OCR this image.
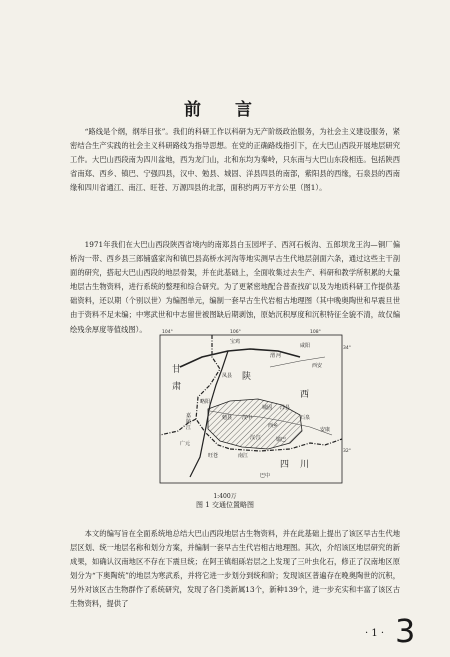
前 言

“路线是个纲，纲举目张”。我们的科研工作以科研为无产阶级政治服务，为社会主义建设服务，紧密结合生产实践的社会主义科研路线为指导思想。在党的正确路线指引下，在大巴山西段开展地层研究工作。大巴山西段南为四川盆地，西为龙门山，北和东均为秦岭，只东南与大巴山东段相连。包括陕西省南郑、西乡、镇巴、宁强四县，汉中、勉县、城固、洋县四县的南部，紫阳县的西缘，石泉县的西南缘和四川省通江、南江、旺苍、万源四县的北部，面积约两万平方公里（图1）。

1971年我们在大巴山西段陕西省境内的南郑县白玉园坪子、西河石板沟、五郎坝龙王沟—铜厂偏桥沟一带、西乡县三郎铺盛家沟和镇巴县高桥水河沟等地实测早古生代地层剖面六条，通过这些主干剖面的研究，搭起大巴山西段的地层骨架，并在此基础上，全面收集过去生产、科研和教学所积累的大量地层古生物资料，进行系统的整理和综合研究。为了更紧密地配合普查找矿以及为地质科研工作提供基础资料，还以期（个别以世）为编图单元，编制一套早古生代岩相古地理图（其中晚奥陶世和早震旦世由于资料不足未编；中寒武世和中志留世被图缺后期剥蚀，原始沉积厚度和沉积特征全貌不清，故仅编绘残余厚度等值线图）。	104°	106°	108°
34°
32°
甘
肃
陕
西
四 川
宝鸡
咸阳
西安
凤县
略阳
城固 洋县
汉中
勉县
西乡
石泉
镇巴
旺苍	南江
巴中
安康
广元
渭 河
汉 江
嘉
陵
江
1:400万
图 1 交通位置略图

本文的编写旨在全面系统地总结大巴山西段地层古生物资料，并在此基础上提出了该区早古生代地层区划、统一地层名称和划分方案，并编制一套早古生代岩相古地理图。其次，介绍该区地层研究的新成果，如确认汉南地区不存在下震旦统；在阿王镇组砾岩层之上发现了三叶虫化石，修正了汉南地区原划分为“下奥陶统”的地层为寒武系，并将它进一步划分到统和阶；发现该区普遍存在晚奥陶世的沉积，另外对该区古生物群作了系统研究，发现了各门类新属13个，新种139个，进一步充实和丰富了该区古生物资料，提供了

· 1 · 3
